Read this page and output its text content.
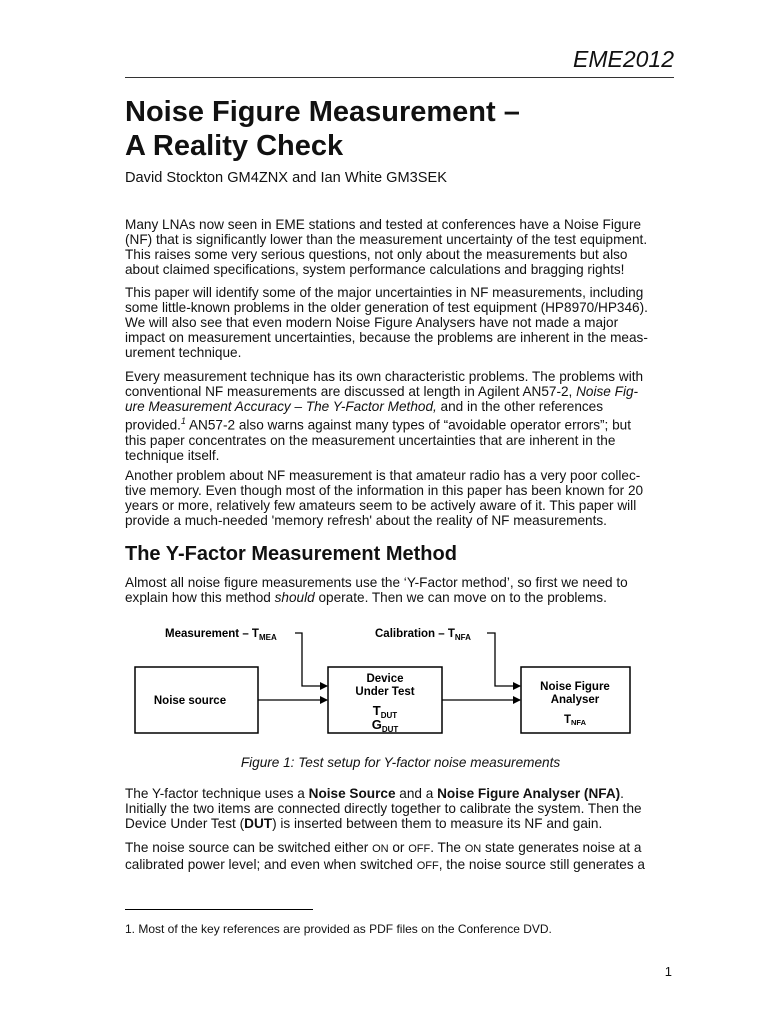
EME2012
Noise Figure Measurement –
A Reality Check
David Stockton GM4ZNX and Ian White GM3SEK

Many LNAs now seen in EME stations and tested at conferences have a Noise Figure
(NF) that is significantly lower than the measurement uncertainty of the test equipment.
This raises some very serious questions, not only about the measurements but also
about claimed specifications, system performance calculations and bragging rights!

This paper will identify some of the major uncertainties in NF measurements, including
some little-known problems in the older generation of test equipment (HP8970/HP346).
We will also see that even modern Noise Figure Analysers have not made a major
impact on measurement uncertainties, because the problems are inherent in the meas-
urement technique.

Every measurement technique has its own characteristic problems. The problems with
conventional NF measurements are discussed at length in Agilent AN57-2, Noise Fig-
ure Measurement Accuracy – The Y-Factor Method, and in the other references
provided.$^1$ AN57-2 also warns against many types of “avoidable operator errors”; but
this paper concentrates on the measurement uncertainties that are inherent in the
technique itself.

Another problem about NF measurement is that amateur radio has a very poor collec-
tive memory. Even though most of the information in this paper has been known for 20
years or more, relatively few amateurs seem to be actively aware of it. This paper will
provide a much-needed 'memory refresh' about the reality of NF measurements.

The Y-Factor Measurement Method

Almost all noise figure measurements use the ‘Y-Factor method’, so first we need to
explain how this method should operate. Then we can move on to the problems.

Measurement – $T_{MEA}$	Calibration – $T_{NFA}$
Noise source
Device
Under Test
$T_{DUT}$
$G_{DUT}$
Noise Figure
Analyser
TNFA
Figure 1: Test setup for Y-factor noise measurements

The Y-factor technique uses a Noise Source and a Noise Figure Analyser (NFA).
Initially the two items are connected directly together to calibrate the system. Then the
Device Under Test (DUT) is inserted between them to measure its NF and gain.

The noise source can be switched either ON or OFF. The ON state generates noise at a
calibrated power level; and even when switched OFF, the noise source still generates a

1. Most of the key references are provided as PDF files on the Conference DVD.
1
